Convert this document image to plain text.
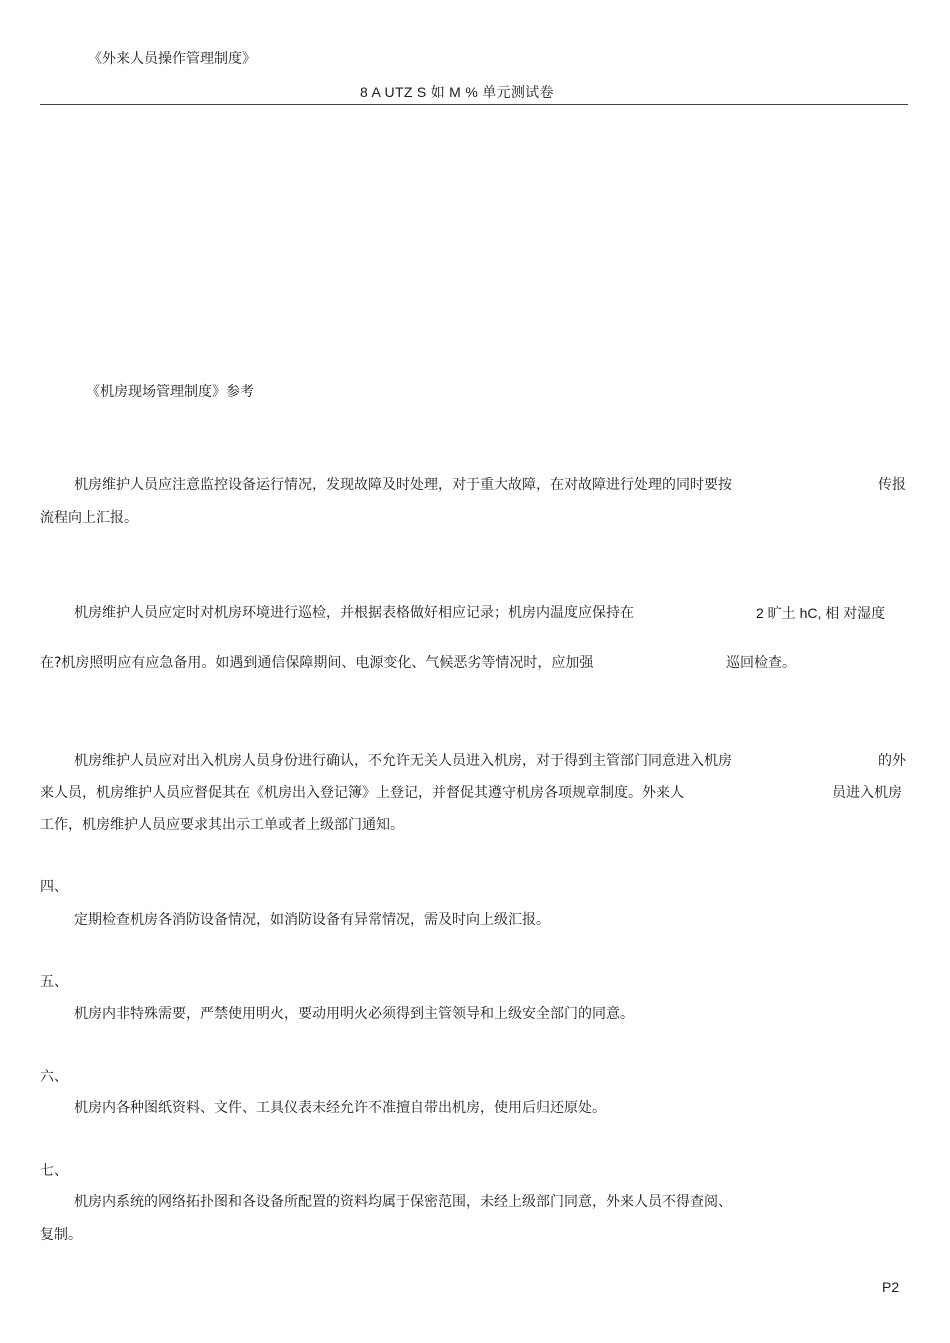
《外来人员操作管理制度》
8 A UTZ S 如 M % 单元测试卷
《机房现场管理制度》参考
机房维护人员应注意监控设备运行情况，发现故障及时处理，对于重大故障，在对故障进行处理的同时要按	传报
流程向上汇报。
机房维护人员应定时对机房环境进行巡检，并根据表格做好相应记录；机房内温度应保持在	2 旷土 hC, 相 对湿度
在?机房照明应有应急备用。如遇到通信保障期间、电源变化、气候恶劣等情况时，应加强	巡回检查。
机房维护人员应对出入机房人员身份进行确认，不允许无关人员进入机房，对于得到主管部门同意进入机房	的外
来人员，机房维护人员应督促其在《机房出入登记簿》上登记，并督促其遵守机房各项规章制度。外来人	员进入机房
工作，机房维护人员应要求其出示工单或者上级部门通知。
四、
定期检查机房各消防设备情况，如消防设备有异常情况，需及时向上级汇报。
五、
机房内非特殊需要，严禁使用明火，要动用明火必须得到主管领导和上级安全部门的同意。
六、
机房内各种图纸资料、文件、工具仪表未经允许不准擅自带出机房，使用后归还原处。
七、
机房内系统的网络拓扑图和各设备所配置的资料均属于保密范围，未经上级部门同意，外来人员不得查阅、
复制。
P2
